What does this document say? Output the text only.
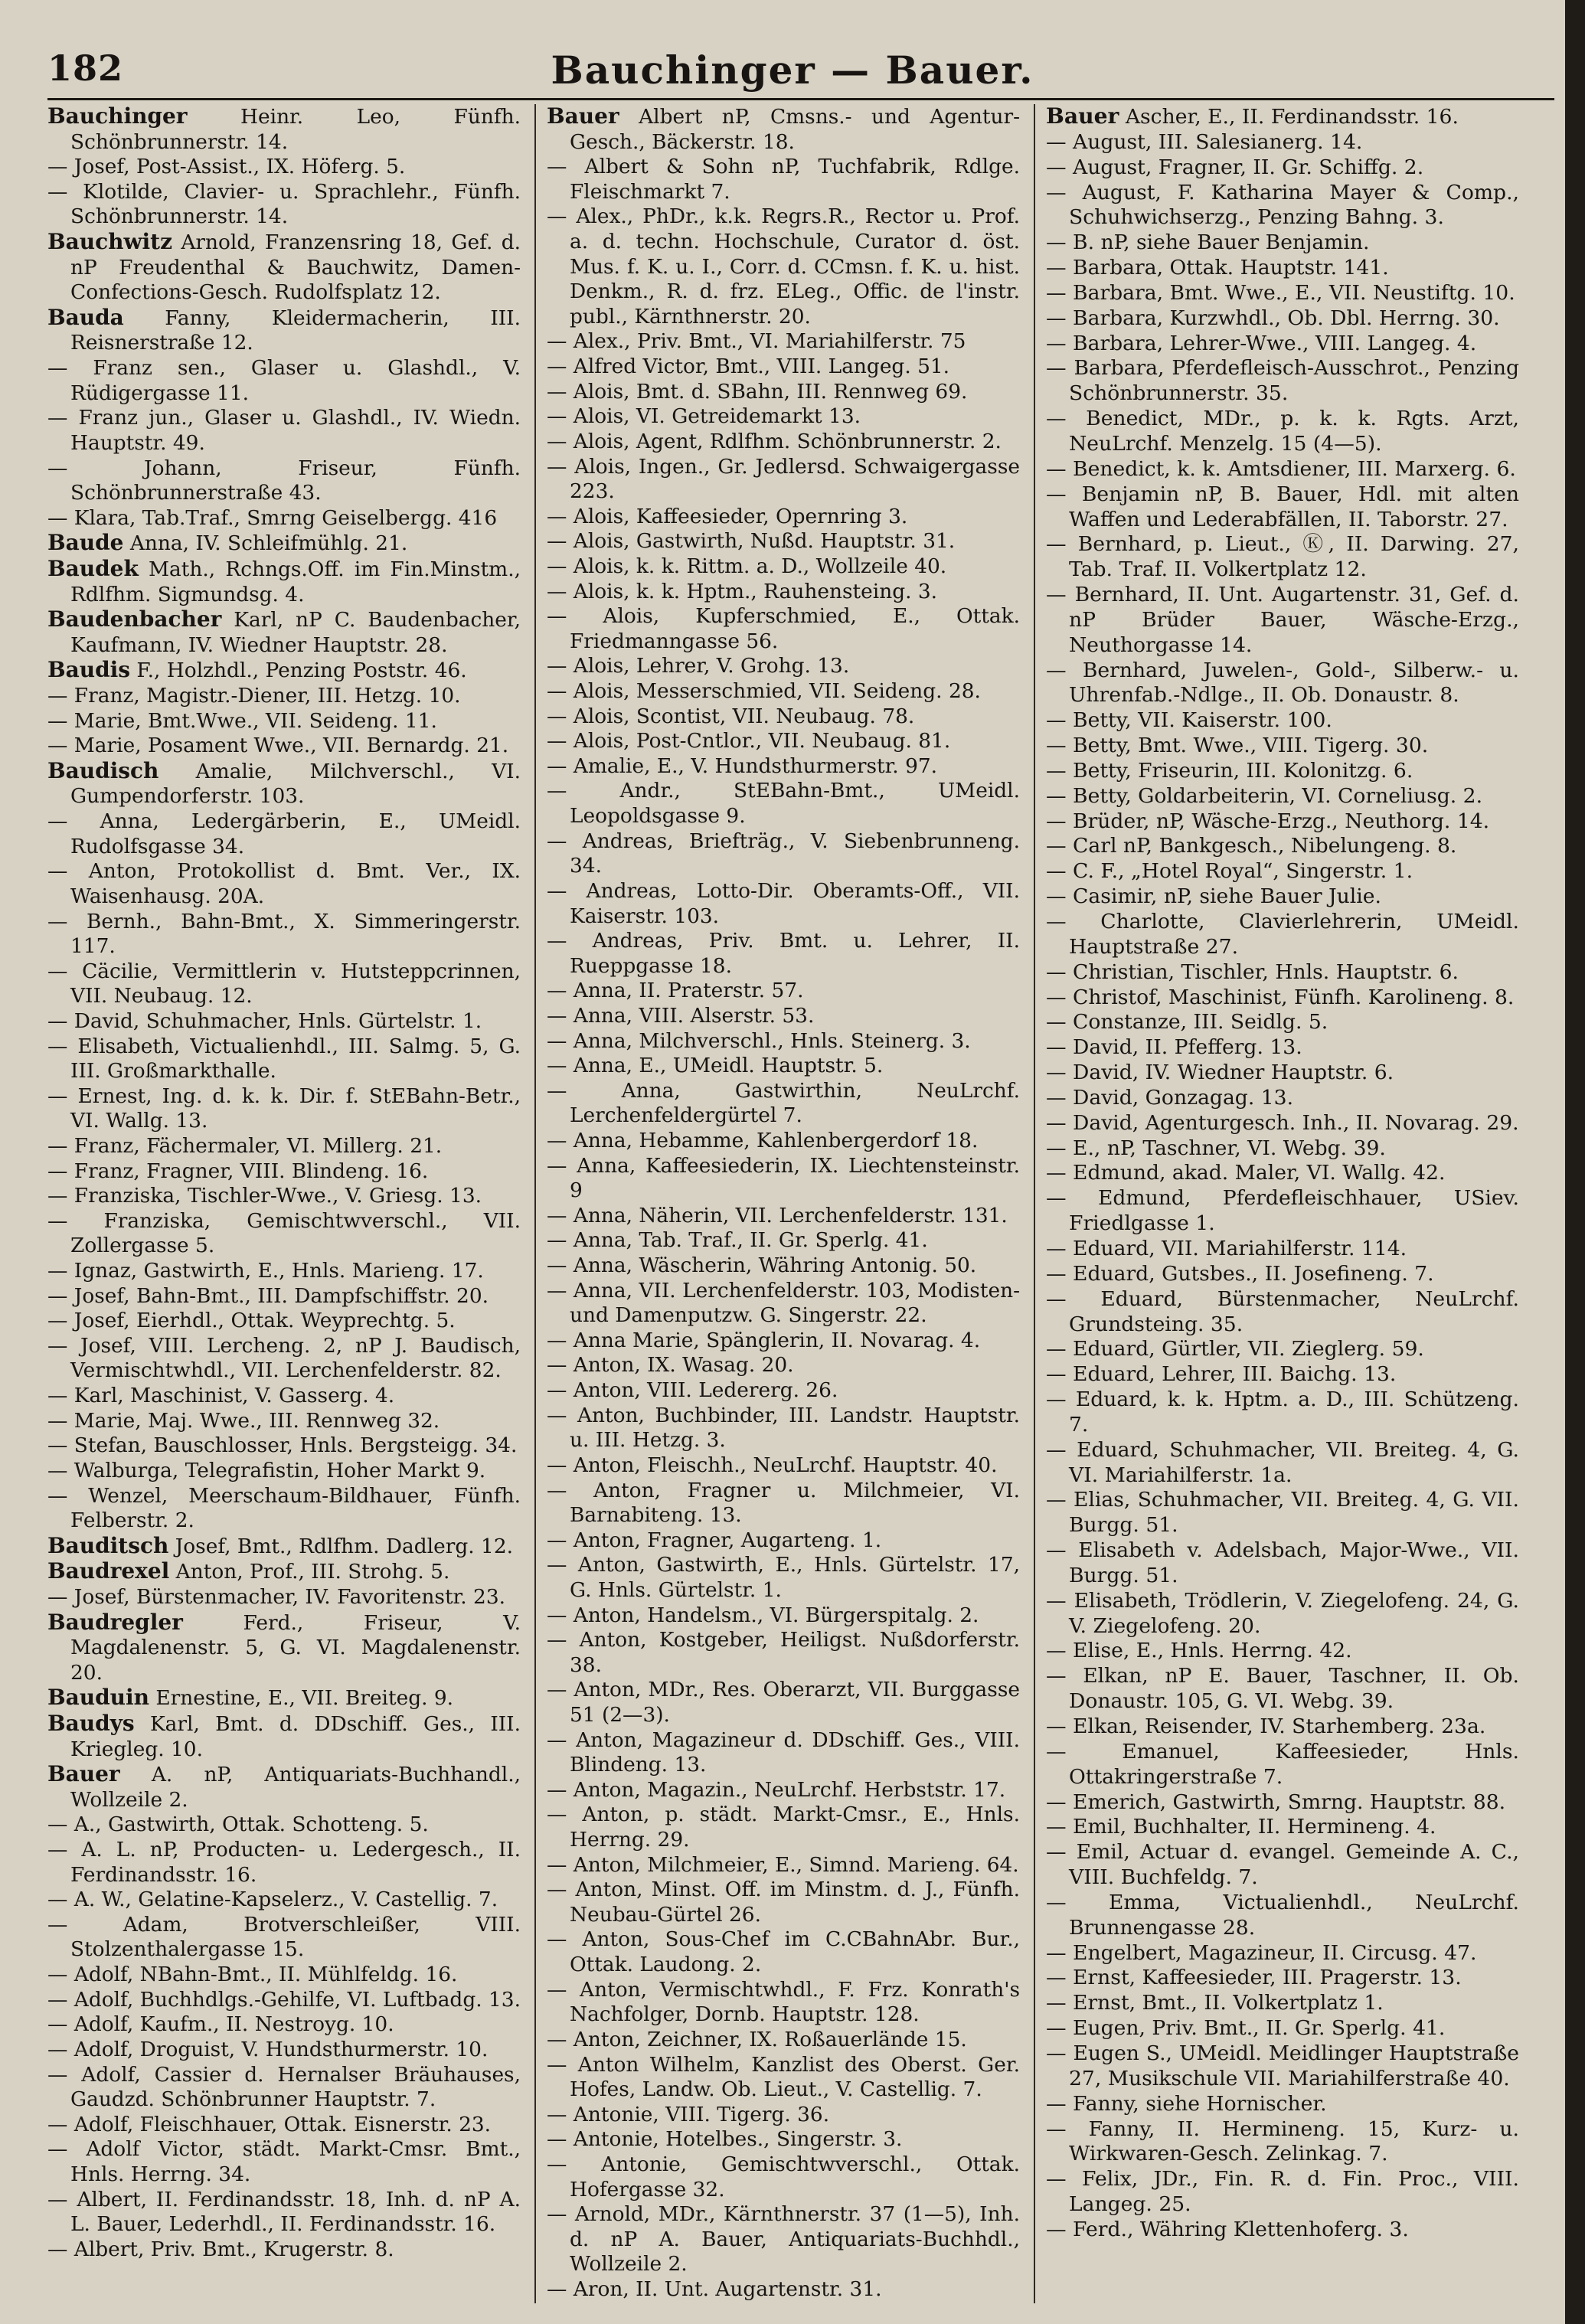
182	Bauchinger — Bauer.
Bauchinger Heinr. Leo, Fünfh. Schönbrunnerstr. 14.
— Josef, Post-Assist., IX. Höferg. 5.
— Klotilde, Clavier- u. Sprachlehr., Fünfh. Schönbrunnerstr. 14.
Bauchwitz Arnold, Franzensring 18, Gef. d. nP Freudenthal & Bauchwitz, Damen-Confections-Gesch. Rudolfsplatz 12.
Bauda Fanny, Kleidermacherin, III. Reisnerstraße 12.
— Franz sen., Glaser u. Glashdl., V. Rüdigergasse 11.
— Franz jun., Glaser u. Glashdl., IV. Wiedn. Hauptstr. 49.
— Johann, Friseur, Fünfh. Schönbrunnerstraße 43.
— Klara, Tab.Traf., Smrng Geiselbergg. 416
Baude Anna, IV. Schleifmühlg. 21.
Baudek Math., Rchngs.Off. im Fin.Minstm., Rdlfhm. Sigmundsg. 4.
Baudenbacher Karl, nP C. Baudenbacher, Kaufmann, IV. Wiedner Hauptstr. 28.
Baudis F., Holzhdl., Penzing Poststr. 46.
— Franz, Magistr.-Diener, III. Hetzg. 10.
— Marie, Bmt.Wwe., VII. Seideng. 11.
— Marie, Posament Wwe., VII. Bernardg. 21.
Baudisch Amalie, Milchverschl., VI. Gumpendorferstr. 103.
— Anna, Ledergärberin, E., UMeidl. Rudolfsgasse 34.
— Anton, Protokollist d. Bmt. Ver., IX. Waisenhausg. 20A.
— Bernh., Bahn-Bmt., X. Simmeringerstr. 117.
— Cäcilie, Vermittlerin v. Hutsteppcrinnen, VII. Neubaug. 12.
— David, Schuhmacher, Hnls. Gürtelstr. 1.
— Elisabeth, Victualienhdl., III. Salmg. 5, G. III. Großmarkthalle.
— Ernest, Ing. d. k. k. Dir. f. StEBahn-Betr., VI. Wallg. 13.
— Franz, Fächermaler, VI. Millerg. 21.
— Franz, Fragner, VIII. Blindeng. 16.
— Franziska, Tischler-Wwe., V. Griesg. 13.
— Franziska, Gemischtwverschl., VII. Zollergasse 5.
— Ignaz, Gastwirth, E., Hnls. Marieng. 17.
— Josef, Bahn-Bmt., III. Dampfschiffstr. 20.
— Josef, Eierhdl., Ottak. Weyprechtg. 5.
— Josef, VIII. Lercheng. 2, nP J. Baudisch, Vermischtwhdl., VII. Lerchenfelderstr. 82.
— Karl, Maschinist, V. Gasserg. 4.
— Marie, Maj. Wwe., III. Rennweg 32.
— Stefan, Bauschlosser, Hnls. Bergsteigg. 34.
— Walburga, Telegrafistin, Hoher Markt 9.
— Wenzel, Meerschaum-Bildhauer, Fünfh. Felberstr. 2.
Bauditsch Josef, Bmt., Rdlfhm. Dadlerg. 12.
Baudrexel Anton, Prof., III. Strohg. 5.
— Josef, Bürstenmacher, IV. Favoritenstr. 23.
Baudregler Ferd., Friseur, V. Magdalenenstr. 5, G. VI. Magdalenenstr. 20.
Bauduin Ernestine, E., VII. Breiteg. 9.
Baudys Karl, Bmt. d. DDschiff. Ges., III. Kriegleg. 10.
Bauer A. nP, Antiquariats-Buchhandl., Wollzeile 2.
— A., Gastwirth, Ottak. Schotteng. 5.
— A. L. nP, Producten- u. Ledergesch., II. Ferdinandsstr. 16.
— A. W., Gelatine-Kapselerz., V. Castellig. 7.
— Adam, Brotverschleißer, VIII. Stolzenthalergasse 15.
— Adolf, NBahn-Bmt., II. Mühlfeldg. 16.
— Adolf, Buchhdlgs.-Gehilfe, VI. Luftbadg. 13.
— Adolf, Kaufm., II. Nestroyg. 10.
— Adolf, Droguist, V. Hundsthurmerstr. 10.
— Adolf, Cassier d. Hernalser Bräuhauses, Gaudzd. Schönbrunner Hauptstr. 7.
— Adolf, Fleischhauer, Ottak. Eisnerstr. 23.
— Adolf Victor, städt. Markt-Cmsr. Bmt., Hnls. Herrng. 34.
— Albert, II. Ferdinandsstr. 18, Inh. d. nP A. L. Bauer, Lederhdl., II. Ferdinandsstr. 16.
— Albert, Priv. Bmt., Krugerstr. 8.
Bauer Albert nP, Cmsns.- und Agentur-Gesch., Bäckerstr. 18.
— Albert & Sohn nP, Tuchfabrik, Rdlge. Fleischmarkt 7.
— Alex., PhDr., k.k. Regrs.R., Rector u. Prof. a. d. techn. Hochschule, Curator d. öst. Mus. f. K. u. I., Corr. d. CCmsn. f. K. u. hist. Denkm., R. d. frz. ELeg., Offic. de l'instr. publ., Kärnthnerstr. 20.
— Alex., Priv. Bmt., VI. Mariahilferstr. 75
— Alfred Victor, Bmt., VIII. Langeg. 51.
— Alois, Bmt. d. SBahn, III. Rennweg 69.
— Alois, VI. Getreidemarkt 13.
— Alois, Agent, Rdlfhm. Schönbrunnerstr. 2.
— Alois, Ingen., Gr. Jedlersd. Schwaigergasse 223.
— Alois, Kaffeesieder, Opernring 3.
— Alois, Gastwirth, Nußd. Hauptstr. 31.
— Alois, k. k. Rittm. a. D., Wollzeile 40.
— Alois, k. k. Hptm., Rauhensteing. 3.
— Alois, Kupferschmied, E., Ottak. Friedmanngasse 56.
— Alois, Lehrer, V. Grohg. 13.
— Alois, Messerschmied, VII. Seideng. 28.
— Alois, Scontist, VII. Neubaug. 78.
— Alois, Post-Cntlor., VII. Neubaug. 81.
— Amalie, E., V. Hundsthurmerstr. 97.
— Andr., StEBahn-Bmt., UMeidl. Leopoldsgasse 9.
— Andreas, Briefträg., V. Siebenbrunneng. 34.
— Andreas, Lotto-Dir. Oberamts-Off., VII. Kaiserstr. 103.
— Andreas, Priv. Bmt. u. Lehrer, II. Rueppgasse 18.
— Anna, II. Praterstr. 57.
— Anna, VIII. Alserstr. 53.
— Anna, Milchverschl., Hnls. Steinerg. 3.
— Anna, E., UMeidl. Hauptstr. 5.
— Anna, Gastwirthin, NeuLrchf. Lerchenfeldergürtel 7.
— Anna, Hebamme, Kahlenbergerdorf 18.
— Anna, Kaffeesiederin, IX. Liechtensteinstr. 9
— Anna, Näherin, VII. Lerchenfelderstr. 131.
— Anna, Tab. Traf., II. Gr. Sperlg. 41.
— Anna, Wäscherin, Währing Antonig. 50.
— Anna, VII. Lerchenfelderstr. 103, Modisten- und Damenputzw. G. Singerstr. 22.
— Anna Marie, Spänglerin, II. Novarag. 4.
— Anton, IX. Wasag. 20.
— Anton, VIII. Ledererg. 26.
— Anton, Buchbinder, III. Landstr. Hauptstr. u. III. Hetzg. 3.
— Anton, Fleischh., NeuLrchf. Hauptstr. 40.
— Anton, Fragner u. Milchmeier, VI. Barnabiteng. 13.
— Anton, Fragner, Augarteng. 1.
— Anton, Gastwirth, E., Hnls. Gürtelstr. 17, G. Hnls. Gürtelstr. 1.
— Anton, Handelsm., VI. Bürgerspitalg. 2.
— Anton, Kostgeber, Heiligst. Nußdorferstr. 38.
— Anton, MDr., Res. Oberarzt, VII. Burggasse 51 (2—3).
— Anton, Magazineur d. DDschiff. Ges., VIII. Blindeng. 13.
— Anton, Magazin., NeuLrchf. Herbststr. 17.
— Anton, p. städt. Markt-Cmsr., E., Hnls. Herrng. 29.
— Anton, Milchmeier, E., Simnd. Marieng. 64.
— Anton, Minst. Off. im Minstm. d. J., Fünfh. Neubau-Gürtel 26.
— Anton, Sous-Chef im C.CBahnAbr. Bur., Ottak. Laudong. 2.
— Anton, Vermischtwhdl., F. Frz. Konrath's Nachfolger, Dornb. Hauptstr. 128.
— Anton, Zeichner, IX. Roßauerlände 15.
— Anton Wilhelm, Kanzlist des Oberst. Ger. Hofes, Landw. Ob. Lieut., V. Castellig. 7.
— Antonie, VIII. Tigerg. 36.
— Antonie, Hotelbes., Singerstr. 3.
— Antonie, Gemischtwverschl., Ottak. Hofergasse 32.
— Arnold, MDr., Kärnthnerstr. 37 (1—5), Inh. d. nP A. Bauer, Antiquariats-Buchhdl., Wollzeile 2.
— Aron, II. Unt. Augartenstr. 31.
Bauer Ascher, E., II. Ferdinandsstr. 16.
— August, III. Salesianerg. 14.
— August, Fragner, II. Gr. Schiffg. 2.
— August, F. Katharina Mayer & Comp., Schuhwichserzg., Penzing Bahng. 3.
— B. nP, siehe Bauer Benjamin.
— Barbara, Ottak. Hauptstr. 141.
— Barbara, Bmt. Wwe., E., VII. Neustiftg. 10.
— Barbara, Kurzwhdl., Ob. Dbl. Herrng. 30.
— Barbara, Lehrer-Wwe., VIII. Langeg. 4.
— Barbara, Pferdefleisch-Ausschrot., Penzing Schönbrunnerstr. 35.
— Benedict, MDr., p. k. k. Rgts. Arzt, NeuLrchf. Menzelg. 15 (4—5).
— Benedict, k. k. Amtsdiener, III. Marxerg. 6.
— Benjamin nP, B. Bauer, Hdl. mit alten Waffen und Lederabfällen, II. Taborstr. 27.
— Bernhard, p. Lieut., Ⓚ, II. Darwing. 27, Tab. Traf. II. Volkertplatz 12.
— Bernhard, II. Unt. Augartenstr. 31, Gef. d. nP Brüder Bauer, Wäsche-Erzg., Neuthorgasse 14.
— Bernhard, Juwelen-, Gold-, Silberw.- u. Uhrenfab.-Ndlge., II. Ob. Donaustr. 8.
— Betty, VII. Kaiserstr. 100.
— Betty, Bmt. Wwe., VIII. Tigerg. 30.
— Betty, Friseurin, III. Kolonitzg. 6.
— Betty, Goldarbeiterin, VI. Corneliusg. 2.
— Brüder, nP, Wäsche-Erzg., Neuthorg. 14.
— Carl nP, Bankgesch., Nibelungeng. 8.
— C. F., „Hotel Royal“, Singerstr. 1.
— Casimir, nP, siehe Bauer Julie.
— Charlotte, Clavierlehrerin, UMeidl. Hauptstraße 27.
— Christian, Tischler, Hnls. Hauptstr. 6.
— Christof, Maschinist, Fünfh. Karolineng. 8.
— Constanze, III. Seidlg. 5.
— David, II. Pfefferg. 13.
— David, IV. Wiedner Hauptstr. 6.
— David, Gonzagag. 13.
— David, Agenturgesch. Inh., II. Novarag. 29.
— E., nP, Taschner, VI. Webg. 39.
— Edmund, akad. Maler, VI. Wallg. 42.
— Edmund, Pferdefleischhauer, USiev. Friedlgasse 1.
— Eduard, VII. Mariahilferstr. 114.
— Eduard, Gutsbes., II. Josefineng. 7.
— Eduard, Bürstenmacher, NeuLrchf. Grundsteing. 35.
— Eduard, Gürtler, VII. Zieglerg. 59.
— Eduard, Lehrer, III. Baichg. 13.
— Eduard, k. k. Hptm. a. D., III. Schützeng. 7.
— Eduard, Schuhmacher, VII. Breiteg. 4, G. VI. Mariahilferstr. 1a.
— Elias, Schuhmacher, VII. Breiteg. 4, G. VII. Burgg. 51.
— Elisabeth v. Adelsbach, Major-Wwe., VII. Burgg. 51.
— Elisabeth, Trödlerin, V. Ziegelofeng. 24, G. V. Ziegelofeng. 20.
— Elise, E., Hnls. Herrng. 42.
— Elkan, nP E. Bauer, Taschner, II. Ob. Donaustr. 105, G. VI. Webg. 39.
— Elkan, Reisender, IV. Starhemberg. 23a.
— Emanuel, Kaffeesieder, Hnls. Ottakringerstraße 7.
— Emerich, Gastwirth, Smrng. Hauptstr. 88.
— Emil, Buchhalter, II. Hermineng. 4.
— Emil, Actuar d. evangel. Gemeinde A. C., VIII. Buchfeldg. 7.
— Emma, Victualienhdl., NeuLrchf. Brunnengasse 28.
— Engelbert, Magazineur, II. Circusg. 47.
— Ernst, Kaffeesieder, III. Pragerstr. 13.
— Ernst, Bmt., II. Volkertplatz 1.
— Eugen, Priv. Bmt., II. Gr. Sperlg. 41.
— Eugen S., UMeidl. Meidlinger Hauptstraße 27, Musikschule VII. Mariahilferstraße 40.
— Fanny, siehe Hornischer.
— Fanny, II. Hermineng. 15, Kurz- u. Wirkwaren-Gesch. Zelinkag. 7.
— Felix, JDr., Fin. R. d. Fin. Proc., VIII. Langeg. 25.
— Ferd., Währing Klettenhoferg. 3.
